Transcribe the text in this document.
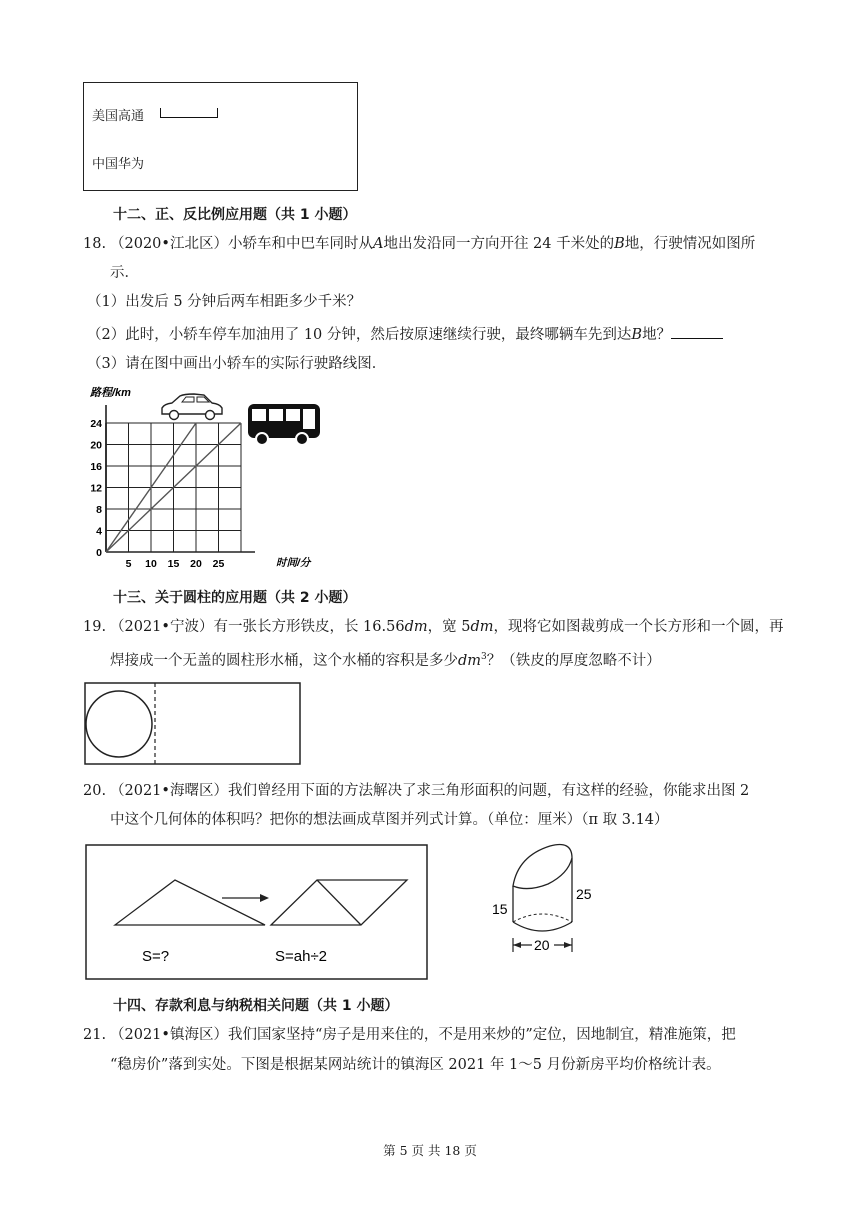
美国高通
中国华为
十二、正、反比例应用题（共 1 小题）
18. （2020•江北区）小轿车和中巴车同时从A地出发沿同一方向开往 24 千米处的B地，行驶情况如图所
示．
（1）出发后 5 分钟后两车相距多少千米？
（2）此时，小轿车停车加油用了 10 分钟，然后按原速继续行驶，最终哪辆车先到达B地？
（3）请在图中画出小轿车的实际行驶路线图．
路程/km
0
4
8
12
16
20
24
5 10 15 20 25	时间/分
十三、关于圆柱的应用题（共 2 小题）
19. （2021•宁波）有一张长方形铁皮，长 16.56dm，宽 5dm，现将它如图裁剪成一个长方形和一个圆，再
焊接成一个无盖的圆柱形水桶，这个水桶的容积是多少$dm^3$？（铁皮的厚度忽略不计）
20. （2021•海曙区）我们曾经用下面的方法解决了求三角形面积的问题，有这样的经验，你能求出图 2
中这个几何体的体积吗？把你的想法画成草图并列式计算。（单位：厘米）（π 取 3.14）
S=?	S=ah÷2
15
25
20
十四、存款利息与纳税相关问题（共 1 小题）
21. （2021•镇海区）我们国家坚持“房子是用来住的，不是用来炒的”定位，因地制宜，精准施策，把
“稳房价”落到实处。下图是根据某网站统计的镇海区 2021 年 1～5 月份新房平均价格统计表。
第 5 页 共 18 页
